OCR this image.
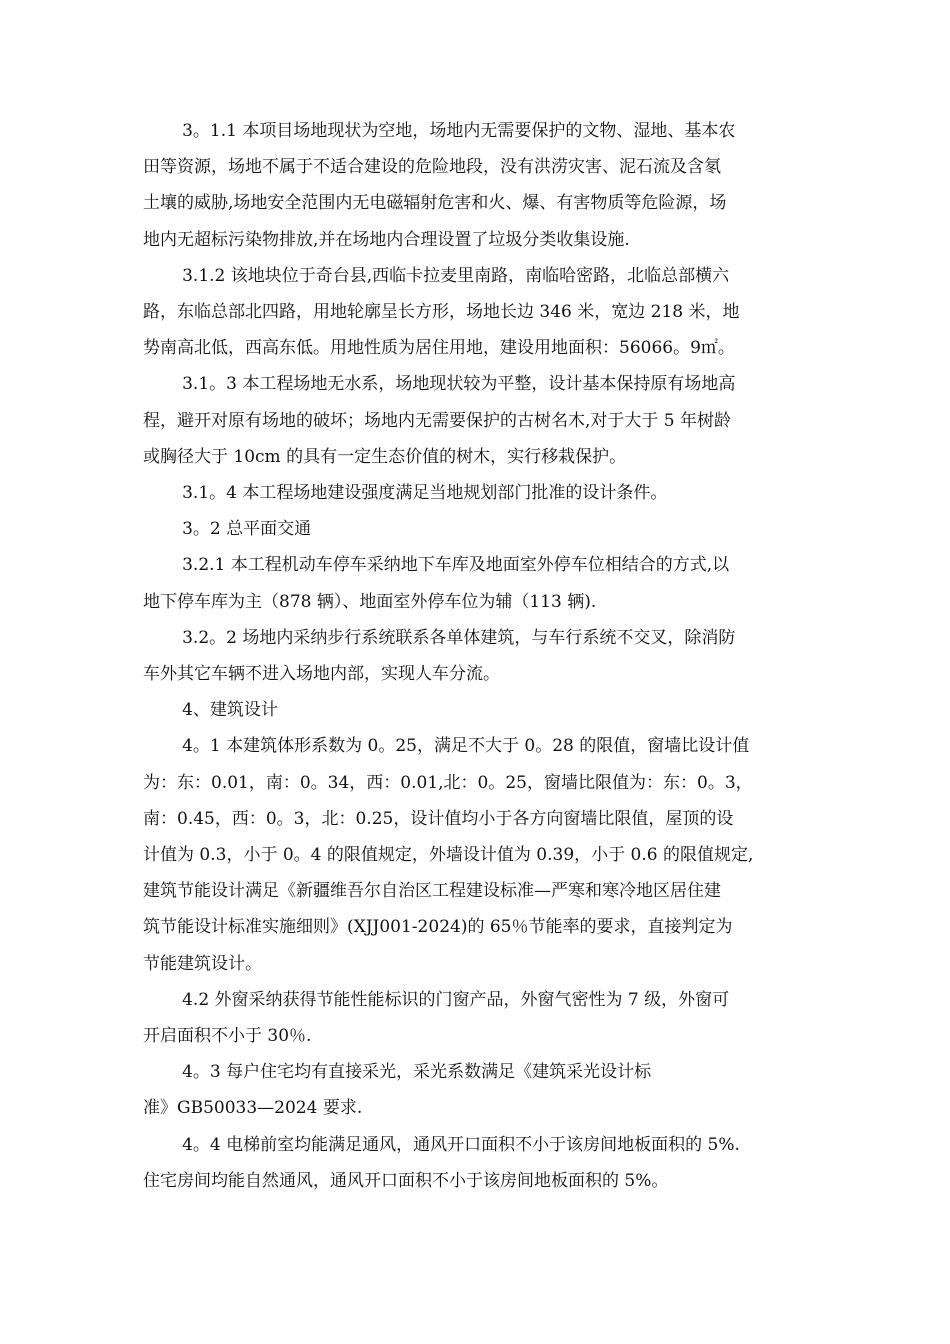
3。1.1 本项目场地现状为空地，场地内无需要保护的文物、湿地、基本农
田等资源，场地不属于不适合建设的危险地段，没有洪涝灾害、泥石流及含氡
土壤的威胁,场地安全范围内无电磁辐射危害和火、爆、有害物质等危险源，场
地内无超标污染物排放,并在场地内合理设置了垃圾分类收集设施.

3.1.2 该地块位于奇台县,西临卡拉麦里南路，南临哈密路，北临总部横六
路，东临总部北四路，用地轮廓呈长方形，场地长边 346 米，宽边 218 米，地
势南高北低，西高东低。用地性质为居住用地，建设用地面积：56066。9㎡。

3.1。3 本工程场地无水系，场地现状较为平整，设计基本保持原有场地高
程，避开对原有场地的破坏；场地内无需要保护的古树名木,对于大于 5 年树龄
或胸径大于 10cm 的具有一定生态价值的树木，实行移栽保护。

3.1。4 本工程场地建设强度满足当地规划部门批准的设计条件。

3。2 总平面交通

3.2.1 本工程机动车停车采纳地下车库及地面室外停车位相结合的方式,以
地下停车库为主（878 辆）、地面室外停车位为辅（113 辆).

3.2。2 场地内采纳步行系统联系各单体建筑，与车行系统不交叉，除消防
车外其它车辆不进入场地内部，实现人车分流。

4、建筑设计

4。1 本建筑体形系数为 0。25，满足不大于 0。28 的限值，窗墙比设计值
为：东：0.01，南：0。34，西：0.01,北：0。25，窗墙比限值为：东：0。3，
南：0.45，西：0。3，北：0.25，设计值均小于各方向窗墙比限值，屋顶的设
计值为 0.3，小于 0。4 的限值规定，外墙设计值为 0.39，小于 0.6 的限值规定,
建筑节能设计满足《新疆维吾尔自治区工程建设标准—严寒和寒冷地区居住建
筑节能设计标准实施细则》(XJJ001-2024)的 65％节能率的要求，直接判定为
节能建筑设计。

4.2 外窗采纳获得节能性能标识的门窗产品，外窗气密性为 7 级，外窗可
开启面积不小于 30％.

4。3 每户住宅均有直接采光，采光系数满足《建筑采光设计标
准》GB50033—2024 要求.

4。4 电梯前室均能满足通风，通风开口面积不小于该房间地板面积的 5%.
住宅房间均能自然通风，通风开口面积不小于该房间地板面积的 5%。
